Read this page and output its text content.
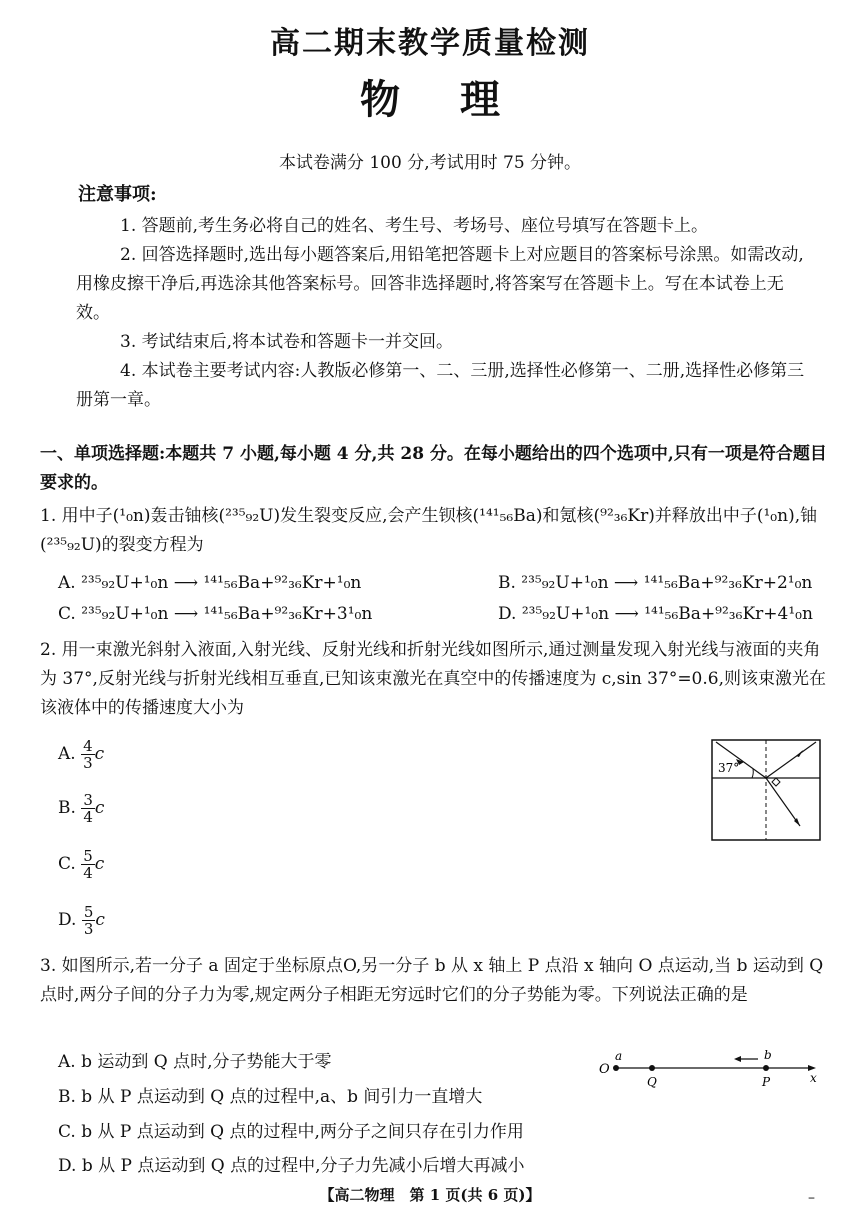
高二期末教学质量检测
物理
本试卷满分 100 分,考试用时 75 分钟。
注意事项:
1. 答题前,考生务必将自己的姓名、考生号、考场号、座位号填写在答题卡上。
2. 回答选择题时,选出每小题答案后,用铅笔把答题卡上对应题目的答案标号涂黑。如需改动,用橡皮擦干净后,再选涂其他答案标号。回答非选择题时,将答案写在答题卡上。写在本试卷上无效。
3. 考试结束后,将本试卷和答题卡一并交回。
4. 本试卷主要考试内容:人教版必修第一、二、三册,选择性必修第一、二册,选择性必修第三册第一章。
一、单项选择题:本题共 7 小题,每小题 4 分,共 28 分。在每小题给出的四个选项中,只有一项是符合题目要求的。
1. 用中子(¹₀n)轰击铀核(²³⁵₉₂U)发生裂变反应,会产生钡核(¹⁴¹₅₆Ba)和氪核(⁹²₃₆Kr)并释放出中子(¹₀n),铀(²³⁵₉₂U)的裂变方程为
A. ²³⁵₉₂U+¹₀n ⟶ ¹⁴¹₅₆Ba+⁹²₃₆Kr+¹₀n	B. ²³⁵₉₂U+¹₀n ⟶ ¹⁴¹₅₆Ba+⁹²₃₆Kr+2¹₀n
C. ²³⁵₉₂U+¹₀n ⟶ ¹⁴¹₅₆Ba+⁹²₃₆Kr+3¹₀n	D. ²³⁵₉₂U+¹₀n ⟶ ¹⁴¹₅₆Ba+⁹²₃₆Kr+4¹₀n
2. 用一束激光斜射入液面,入射光线、反射光线和折射光线如图所示,通过测量发现入射光线与液面的夹角为 37°,反射光线与折射光线相互垂直,已知该束激光在真空中的传播速度为 c,sin 37°=0.6,则该束激光在该液体中的传播速度大小为
A. $\frac{4}{3}$ c
B. $\frac{3}{4}$ c
C. $\frac{5}{4}$ c
D. $\frac{5}{3}$ c
37°
3. 如图所示,若一分子 a 固定于坐标原点O,另一分子 b 从 x 轴上 P 点沿 x 轴向 O 点运动,当 b 运动到 Q 点时,两分子间的分子力为零,规定两分子相距无穷远时它们的分子势能为零。下列说法正确的是
A. b 运动到 Q 点时,分子势能大于零
B. b 从 P 点运动到 Q 点的过程中,a、b 间引力一直增大
C. b 从 P 点运动到 Q 点的过程中,两分子之间只存在引力作用
D. b 从 P 点运动到 Q 点的过程中,分子力先减小后增大再减小
O
a
Q
b
P	x
【高二物理　第 1 页(共 6 页)】	–
